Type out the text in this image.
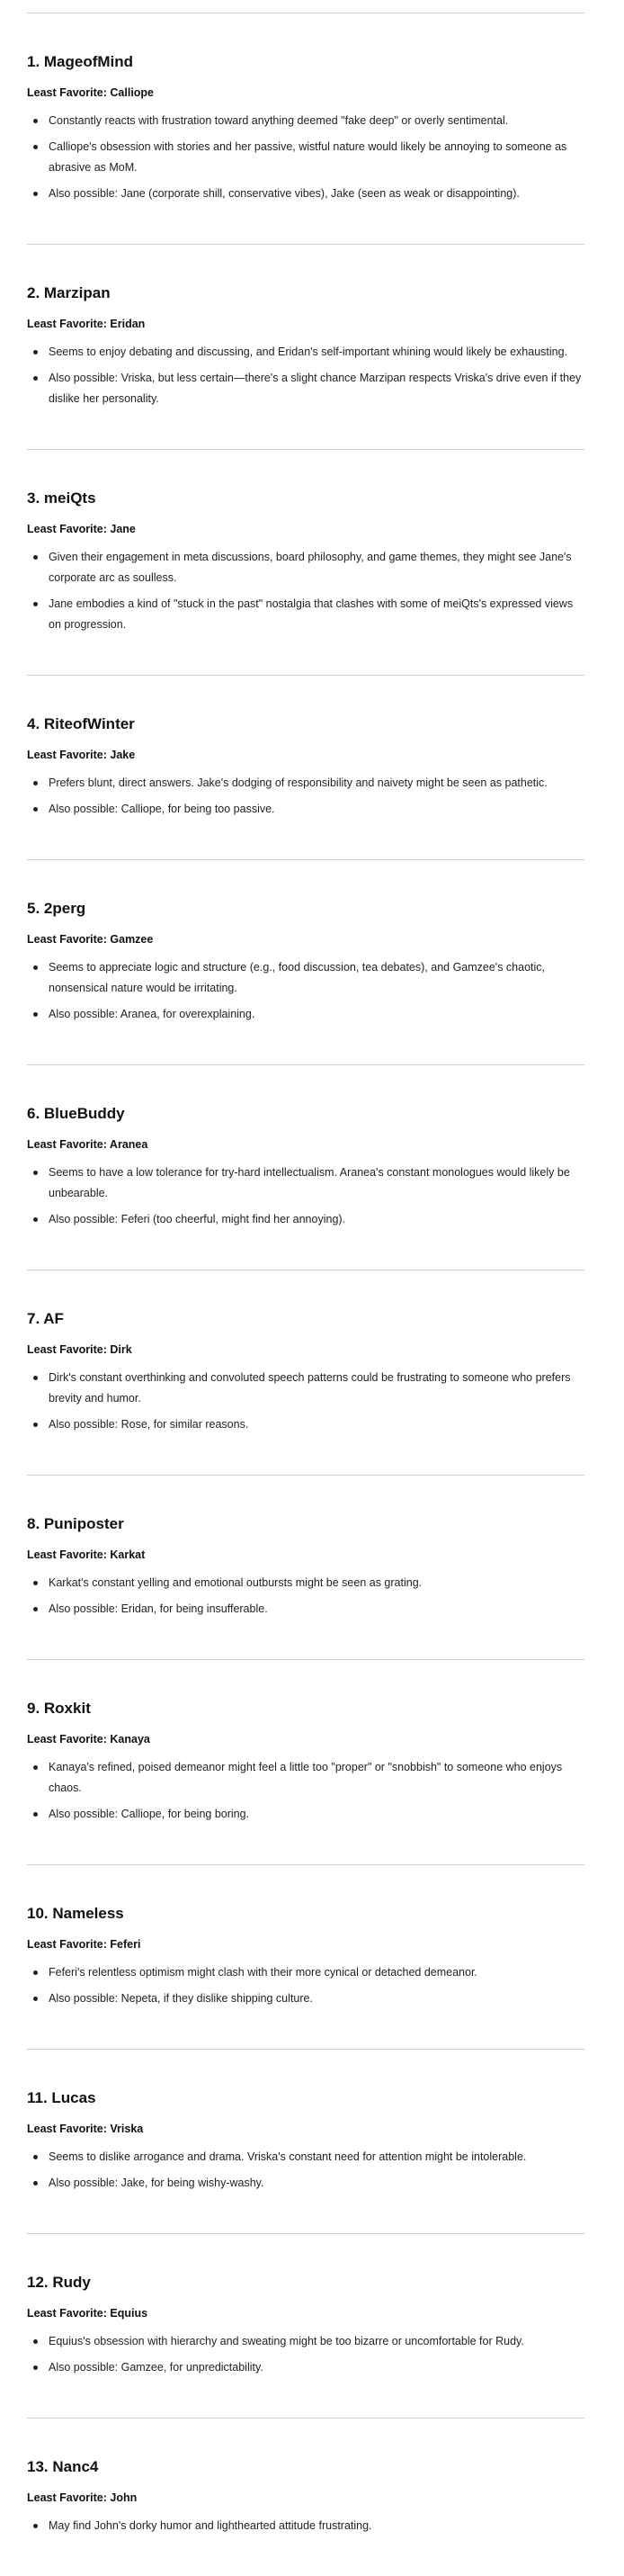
1. MageofMind

Least Favorite: Calliope

Constantly reacts with frustration toward anything deemed "fake deep" or overly sentimental.
Calliope's obsession with stories and her passive, wistful nature would likely be annoying to someone as abrasive as MoM.
Also possible: Jane (corporate shill, conservative vibes), Jake (seen as weak or disappointing).
2. Marzipan

Least Favorite: Eridan

Seems to enjoy debating and discussing, and Eridan's self-important whining would likely be exhausting.
Also possible: Vriska, but less certain—there's a slight chance Marzipan respects Vriska's drive even if they dislike her personality.
3. meiQts

Least Favorite: Jane

Given their engagement in meta discussions, board philosophy, and game themes, they might see Jane's corporate arc as soulless.
Jane embodies a kind of "stuck in the past" nostalgia that clashes with some of meiQts's expressed views on progression.
4. RiteofWinter

Least Favorite: Jake

Prefers blunt, direct answers. Jake's dodging of responsibility and naivety might be seen as pathetic.
Also possible: Calliope, for being too passive.
5. 2perg

Least Favorite: Gamzee

Seems to appreciate logic and structure (e.g., food discussion, tea debates), and Gamzee's chaotic, nonsensical nature would be irritating.
Also possible: Aranea, for overexplaining.
6. BlueBuddy

Least Favorite: Aranea

Seems to have a low tolerance for try-hard intellectualism. Aranea's constant monologues would likely be unbearable.
Also possible: Feferi (too cheerful, might find her annoying).
7. AF

Least Favorite: Dirk

Dirk's constant overthinking and convoluted speech patterns could be frustrating to someone who prefers brevity and humor.
Also possible: Rose, for similar reasons.
8. Puniposter

Least Favorite: Karkat

Karkat's constant yelling and emotional outbursts might be seen as grating.
Also possible: Eridan, for being insufferable.
9. Roxkit

Least Favorite: Kanaya

Kanaya's refined, poised demeanor might feel a little too "proper" or "snobbish" to someone who enjoys chaos.
Also possible: Calliope, for being boring.
10. Nameless

Least Favorite: Feferi

Feferi's relentless optimism might clash with their more cynical or detached demeanor.
Also possible: Nepeta, if they dislike shipping culture.
11. Lucas

Least Favorite: Vriska

Seems to dislike arrogance and drama. Vriska's constant need for attention might be intolerable.
Also possible: Jake, for being wishy-washy.
12. Rudy

Least Favorite: Equius

Equius's obsession with hierarchy and sweating might be too bizarre or uncomfortable for Rudy.
Also possible: Gamzee, for unpredictability.
13. Nanc4

Least Favorite: John

May find John's dorky humor and lighthearted attitude frustrating.
